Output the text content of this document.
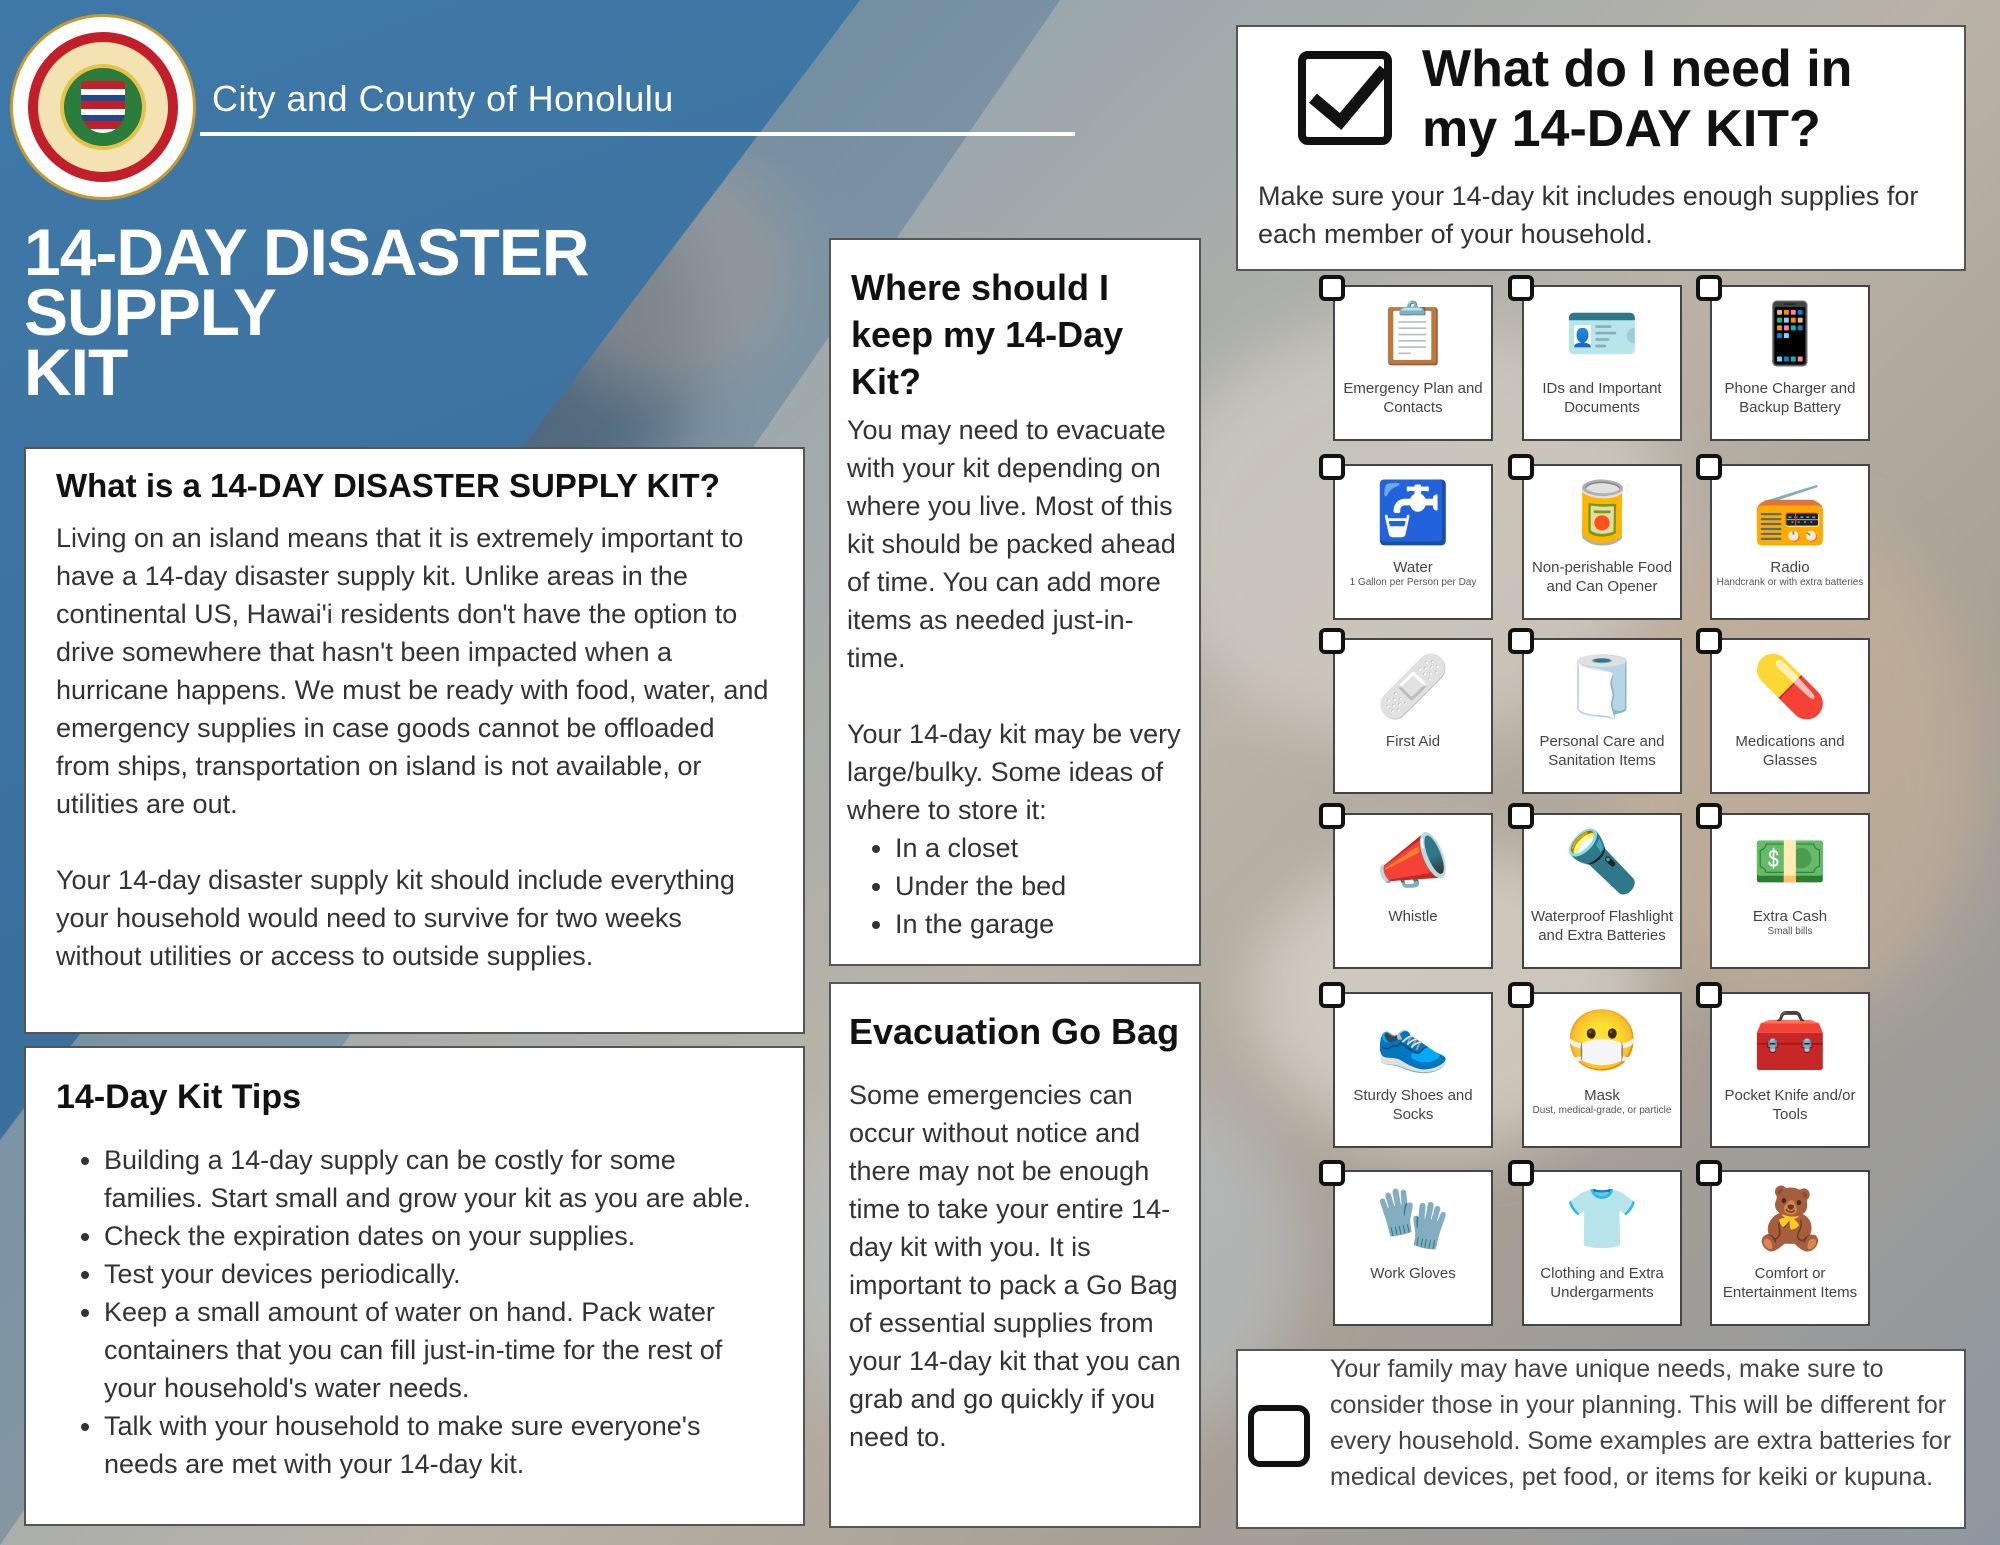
City and County of Honolulu
14-DAY DISASTER
SUPPLY
KIT
What is a 14-DAY DISASTER SUPPLY KIT?

Living on an island means that it is extremely important to have a 14-day disaster supply kit. Unlike areas in the continental US, Hawai'i residents don't have the option to drive somewhere that hasn't been impacted when a hurricane happens. We must be ready with food, water, and emergency supplies in case goods cannot be offloaded from ships, transportation on island is not available, or utilities are out.

Your 14-day disaster supply kit should include everything your household would need to survive for two weeks without utilities or access to outside supplies.

14-Day Kit Tips
• Building a 14-day supply can be costly for some families. Start small and grow your kit as you are able.
• Check the expiration dates on your supplies.
• Test your devices periodically.
• Keep a small amount of water on hand. Pack water containers that you can fill just-in-time for the rest of your household's water needs.
• Talk with your household to make sure everyone's needs are met with your 14-day kit.
Where should I keep my 14-Day Kit?

You may need to evacuate with your kit depending on where you live. Most of this kit should be packed ahead of time. You can add more items as needed just-in-time.

Your 14-day kit may be very large/bulky. Some ideas of where to store it:

• In a closet
• Under the bed
• In the garage
Evacuation Go Bag

Some emergencies can occur without notice and there may not be enough time to take your entire 14-day kit with you. It is important to pack a Go Bag of essential supplies from your 14-day kit that you can grab and go quickly if you need to.

What do I need in
my 14-DAY KIT?

Make sure your 14-day kit includes enough supplies for each member of your household.

📋
Emergency Plan and Contacts
🪪
IDs and Important Documents
📱
Phone Charger and Backup Battery
🚰
Water
1 Gallon per Person per Day
🥫
Non-perishable Food and Can Opener
📻
Radio
Handcrank or with extra batteries
🩹
First Aid
🧻
Personal Care and Sanitation Items
💊
Medications and Glasses
📣
Whistle
🔦
Waterproof Flashlight and Extra Batteries
💵
Extra Cash
Small bills
👟
Sturdy Shoes and Socks
😷
Mask
Dust, medical-grade, or particle
🧰
Pocket Knife and/or Tools
🧤
Work Gloves
👕
Clothing and Extra Undergarments
🧸
Comfort or Entertainment Items

Your family may have unique needs, make sure to consider those in your planning. This will be different for every household. Some examples are extra batteries for medical devices, pet food, or items for keiki or kupuna.
